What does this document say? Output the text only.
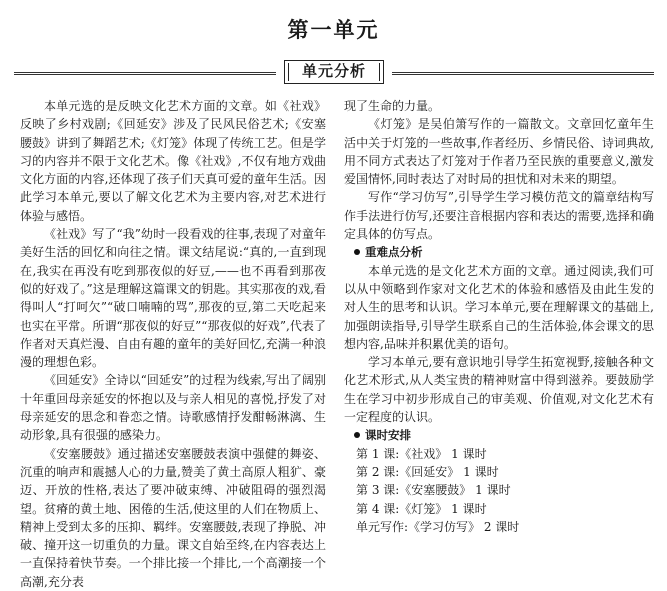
第一单元
单元分析

本单元选的是反映文化艺术方面的文章。如《社戏》反映了乡村戏剧;《回延安》涉及了民风民俗艺术;《安塞腰鼓》讲到了舞蹈艺术;《灯笼》体现了传统工艺。但是学习的内容并不限于文化艺术。像《社戏》,不仅有地方戏曲文化方面的内容,还体现了孩子们天真可爱的童年生活。因此学习本单元,要以了解文化艺术为主要内容,对艺术进行体验与感悟。

《社戏》写了“我”幼时一段看戏的往事,表现了对童年美好生活的回忆和向往之情。课文结尾说:“真的,一直到现在,我实在再没有吃到那夜似的好豆,——也不再看到那夜似的好戏了。”这是理解这篇课文的钥匙。其实那夜的戏,看得叫人“打呵欠”“破口喃喃的骂”,那夜的豆,第二天吃起来也实在平常。所谓“那夜似的好豆”“那夜似的好戏”,代表了作者对天真烂漫、自由有趣的童年的美好回忆,充满一种浪漫的理想色彩。

《回延安》全诗以“回延安”的过程为线索,写出了阔别十年重回母亲延安的怀抱以及与亲人相见的喜悦,抒发了对母亲延安的思念和眷恋之情。诗歌感情抒发酣畅淋漓、生动形象,具有很强的感染力。

《安塞腰鼓》通过描述安塞腰鼓表演中强健的舞姿、沉重的响声和震撼人心的力量,赞美了黄土高原人粗犷、豪迈、开放的性格,表达了要冲破束缚、冲破阻碍的强烈渴望。贫瘠的黄土地、困倦的生活,使这里的人们在物质上、精神上受到太多的压抑、羁绊。安塞腰鼓,表现了挣脱、冲破、撞开这一切重负的力量。课文自始至终,在内容表达上一直保持着快节奏。一个排比接一个排比,一个高潮接一个高潮,充分表

现了生命的力量。

《灯笼》是吴伯箫写作的一篇散文。文章回忆童年生活中关于灯笼的一些故事,作者经历、乡情民俗、诗词典故,用不同方式表达了灯笼对于作者乃至民族的重要意义,激发爱国情怀,同时表达了对时局的担忧和对未来的期望。

写作“学习仿写”,引导学生学习模仿范文的篇章结构写作手法进行仿写,还要注音根据内容和表达的需要,选择和确定具体的仿写点。

重难点分析

本单元选的是文化艺术方面的文章。通过阅读,我们可以从中领略到作家对文化艺术的体验和感悟及由此生发的对人生的思考和认识。学习本单元,要在理解课文的基础上,加强朗读指导,引导学生联系自己的生活体验,体会课文的思想内容,品味并积累优美的语句。

学习本单元,要有意识地引导学生拓宽视野,接触各种文化艺术形式,从人类宝贵的精神财富中得到滋养。要鼓励学生在学习中初步形成自己的审美观、价值观,对文化艺术有一定程度的认识。

课时安排

第 1 课:《社戏》 1 课时

第 2 课:《回延安》 1 课时

第 3 课:《安塞腰鼓》 1 课时

第 4 课:《灯笼》 1 课时

单元写作:《学习仿写》 2 课时
